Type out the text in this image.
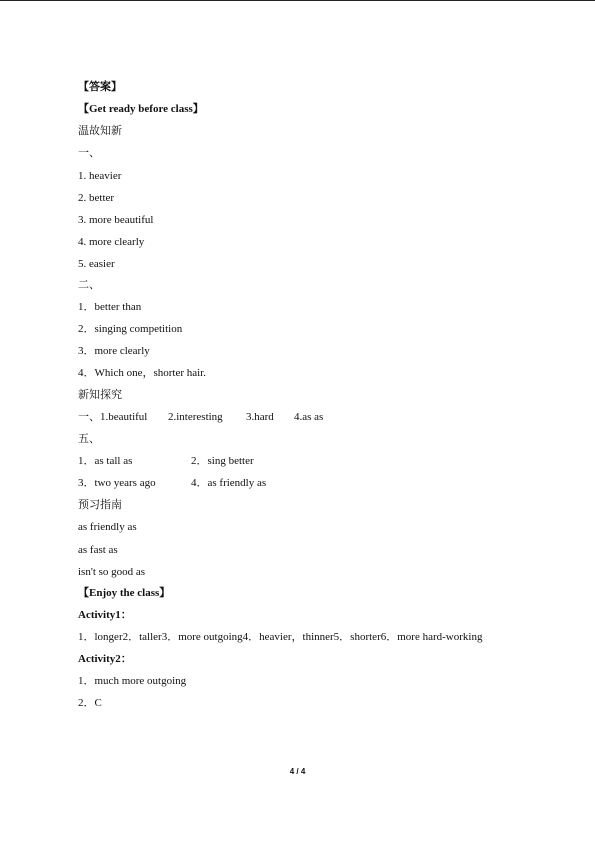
【答案】
【Get ready before class】
温故知新
一、
1. heavier
2. better
3. more beautiful
4. more clearly
5. easier
二、
1．better than
2．singing competition
3．more clearly
4．Which one，shorter hair.
新知探究
一、1.beautiful 2.interesting 3.hard 4.as as
五、
1．as tall as	2．sing better
3．two years ago	4．as friendly as
预习指南
as friendly as
as fast as
isn't so good as
【Enjoy the class】
Activity1：
1．longer2．taller3．more outgoing4．heavier，thinner5．shorter6．more hard-working
Activity2：
1．much more outgoing
2．C
4 / 4
